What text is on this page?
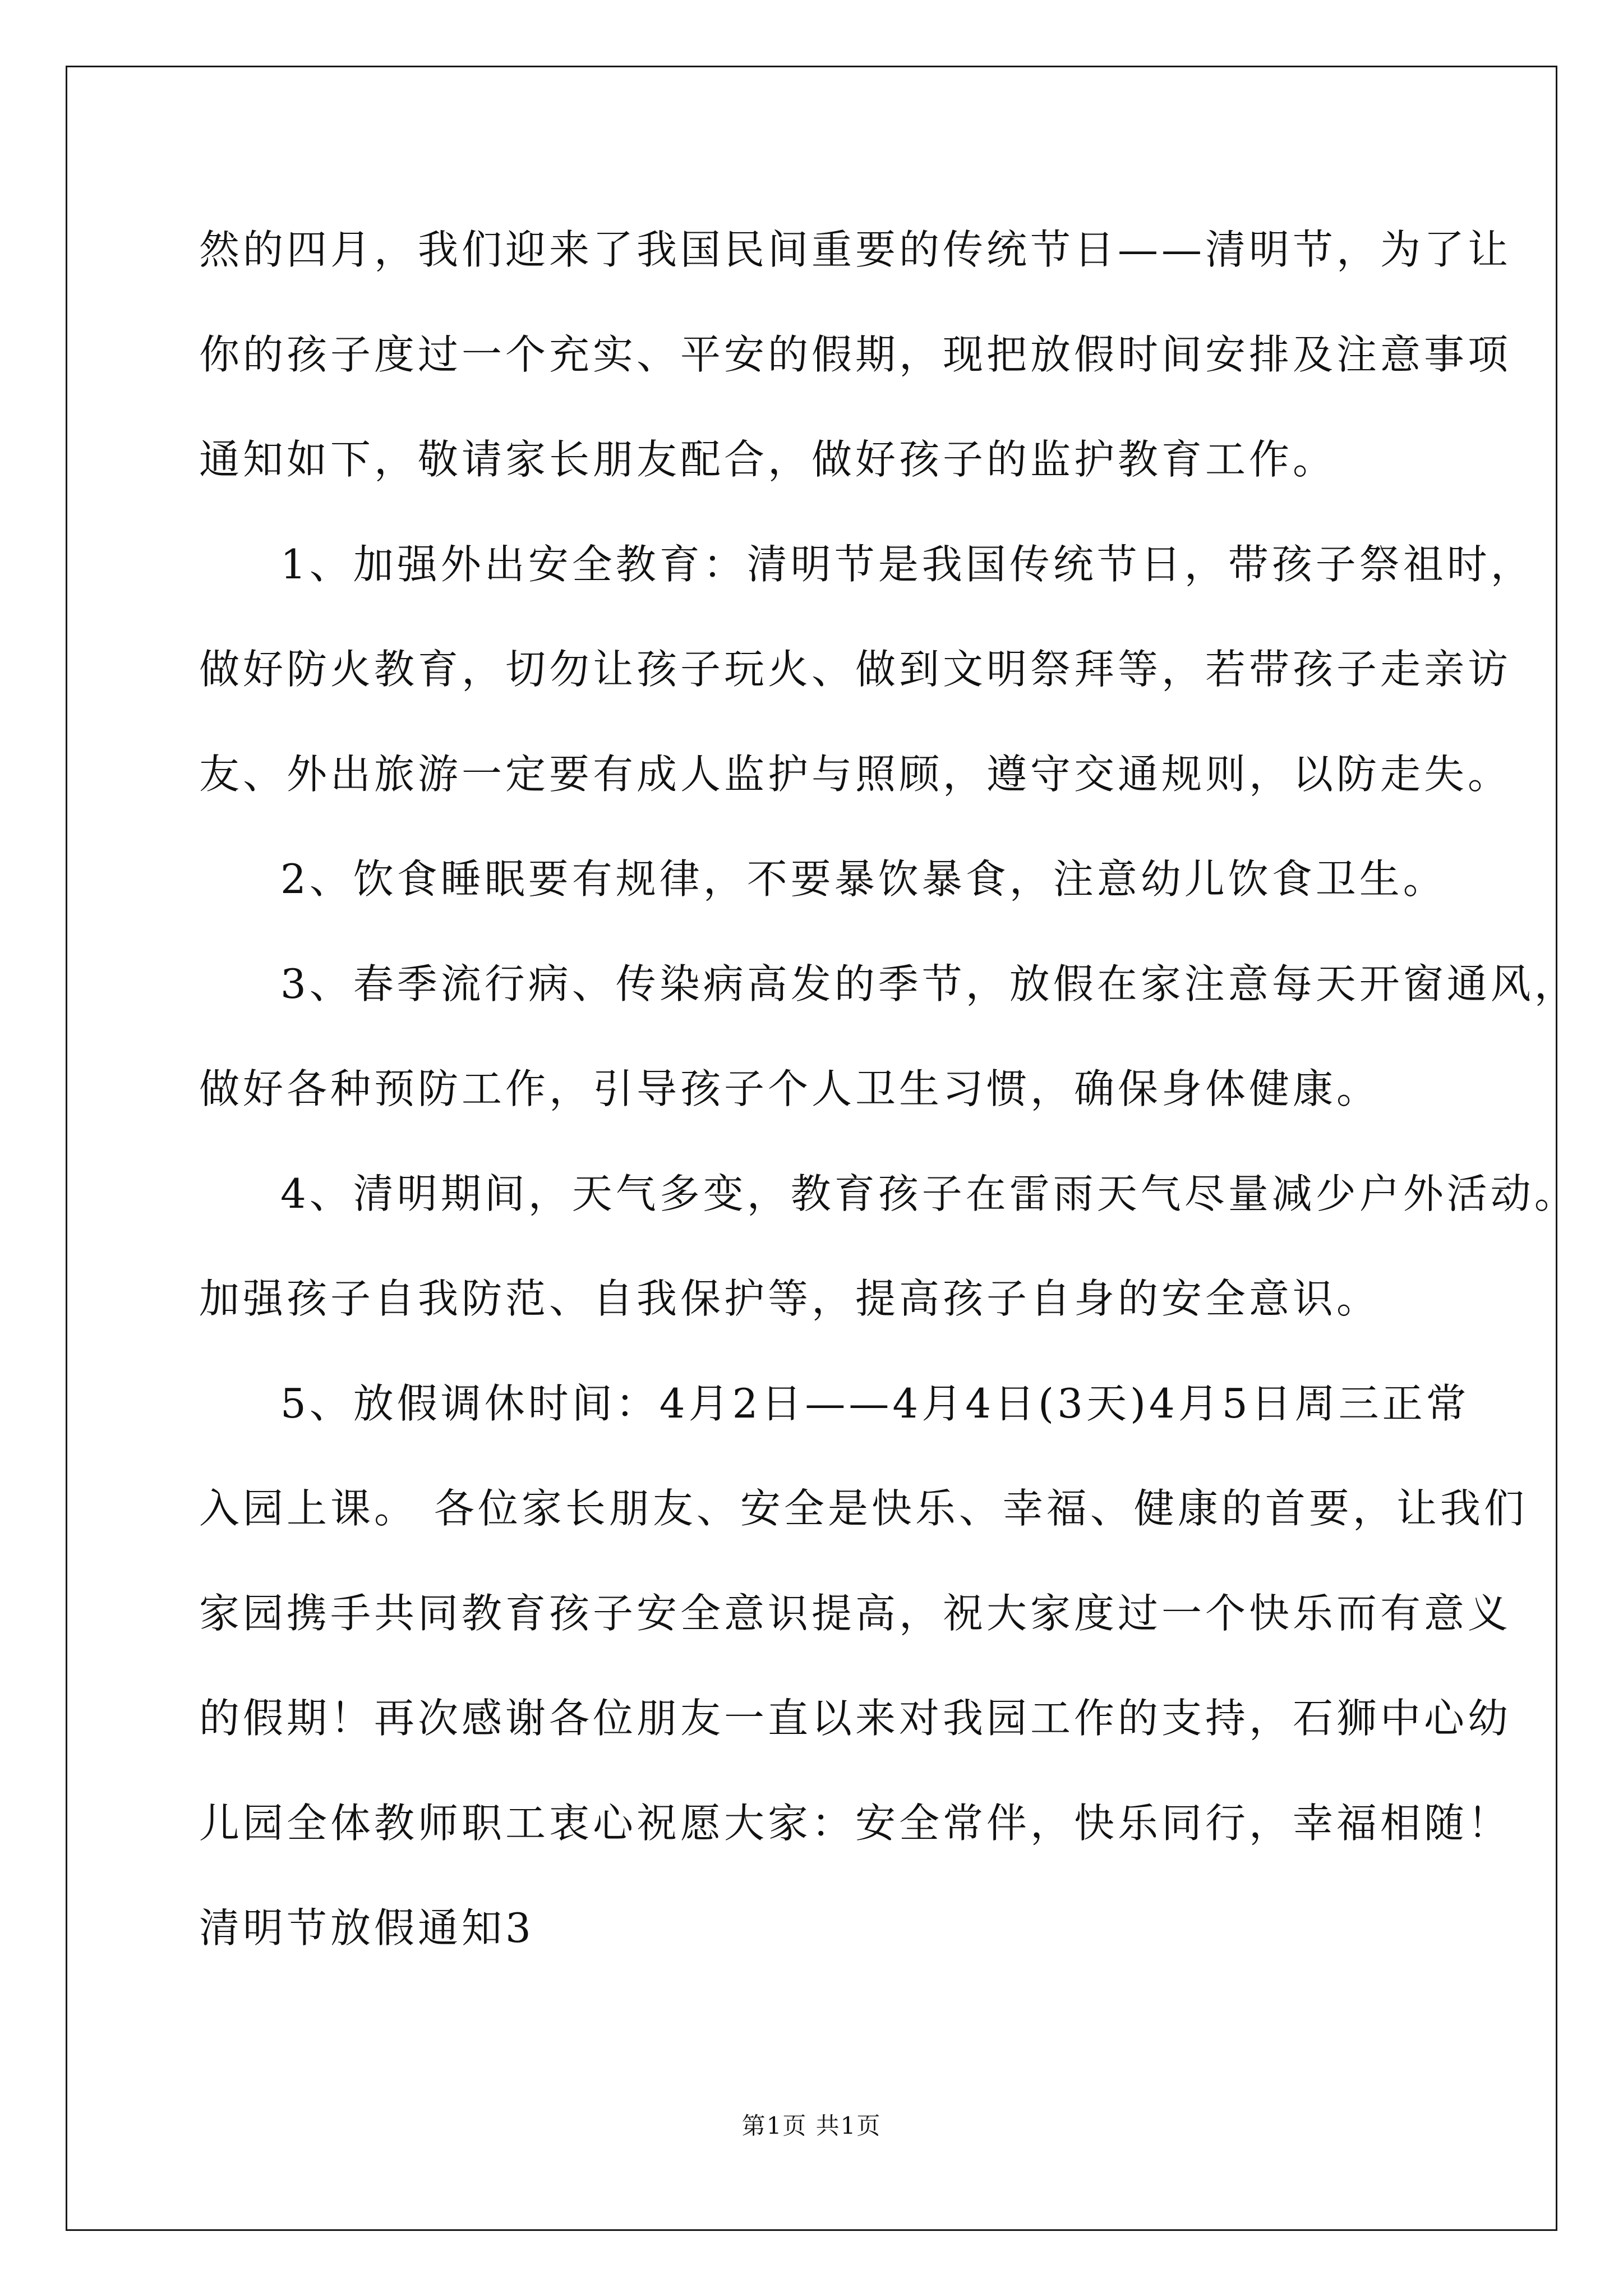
然的四月，我们迎来了我国民间重要的传统节日——清明节，为了让
你的孩子度过一个充实、平安的假期，现把放假时间安排及注意事项
通知如下，敬请家长朋友配合，做好孩子的监护教育工作。
1、加强外出安全教育：清明节是我国传统节日，带孩子祭祖时，
做好防火教育，切勿让孩子玩火、做到文明祭拜等，若带孩子走亲访
友、外出旅游一定要有成人监护与照顾，遵守交通规则，以防走失。
2、饮食睡眠要有规律，不要暴饮暴食，注意幼儿饮食卫生。
3、春季流行病、传染病高发的季节，放假在家注意每天开窗通风，
做好各种预防工作，引导孩子个人卫生习惯，确保身体健康。
4、清明期间，天气多变，教育孩子在雷雨天气尽量减少户外活动。
加强孩子自我防范、自我保护等，提高孩子自身的安全意识。
5、放假调休时间：4月2日——4月4日(3天)4月5日周三正常
入园上课。 各位家长朋友、安全是快乐、幸福、健康的首要，让我们
家园携手共同教育孩子安全意识提高，祝大家度过一个快乐而有意义
的假期！再次感谢各位朋友一直以来对我园工作的支持，石狮中心幼
儿园全体教师职工衷心祝愿大家：安全常伴，快乐同行，幸福相随！
清明节放假通知3
第1页 共1页
